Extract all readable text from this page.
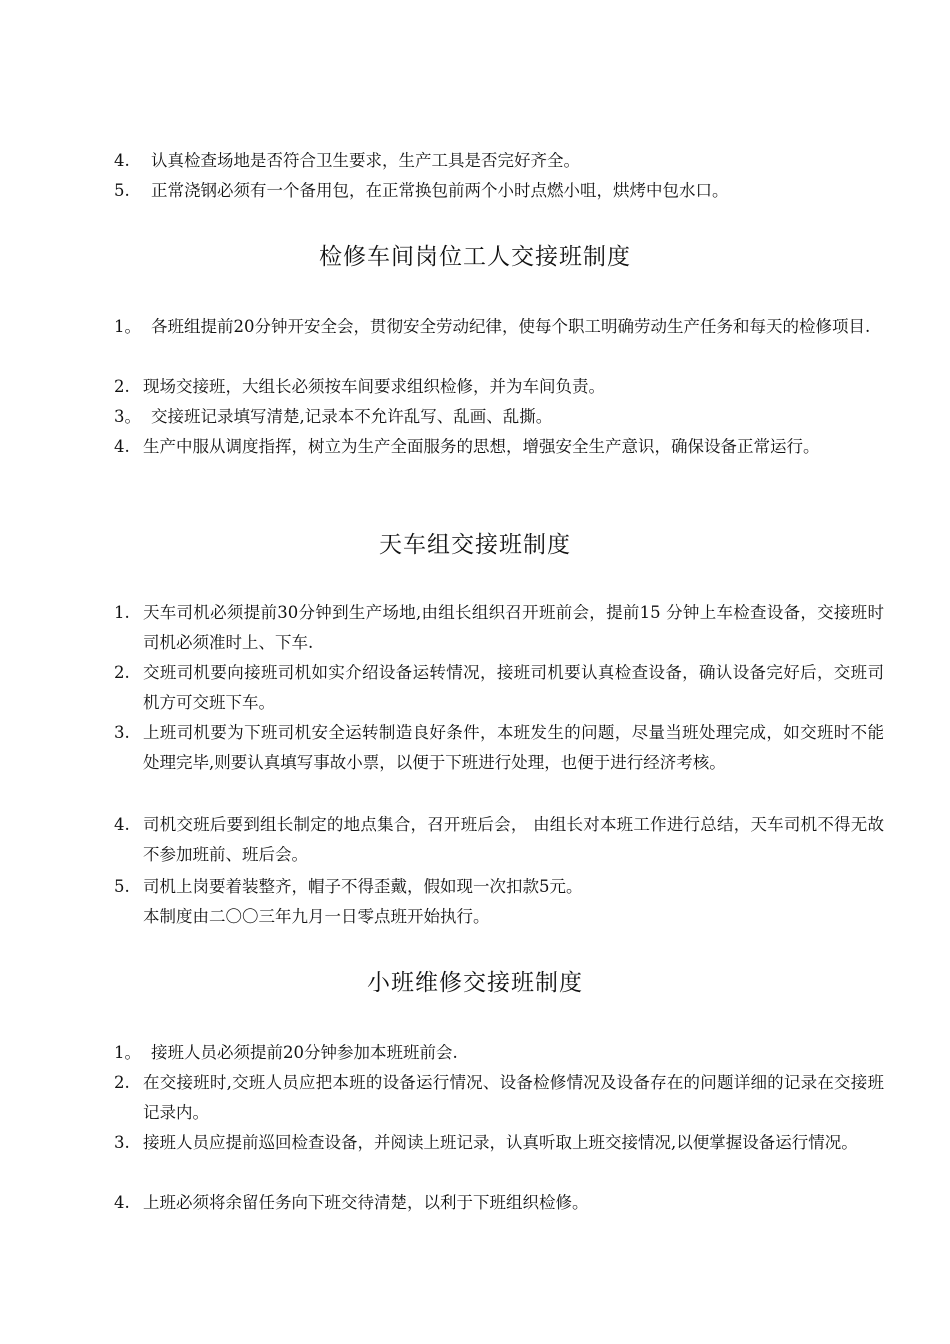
4.	认真检查场地是否符合卫生要求，生产工具是否完好齐全。
5.	正常浇钢必须有一个备用包，在正常换包前两个小时点燃小咀，烘烤中包水口。
检修车间岗位工人交接班制度
1。 各班组提前20分钟开安全会，贯彻安全劳动纪律，使每个职工明确劳动生产任务和每天的检修项目.
2. 现场交接班，大组长必须按车间要求组织检修，并为车间负责。
3。 交接班记录填写清楚,记录本不允许乱写、乱画、乱撕。
4. 生产中服从调度指挥，树立为生产全面服务的思想，增强安全生产意识，确保设备正常运行。
天车组交接班制度
1. 天车司机必须提前30分钟到生产场地,由组长组织召开班前会，提前15 分钟上车检查设备，交接班时司机必须准时上、下车.
2. 交班司机要向接班司机如实介绍设备运转情况，接班司机要认真检查设备，确认设备完好后，交班司机方可交班下车。
3. 上班司机要为下班司机安全运转制造良好条件，本班发生的问题，尽量当班处理完成，如交班时不能处理完毕,则要认真填写事故小票，以便于下班进行处理，也便于进行经济考核。
4. 司机交班后要到组长制定的地点集合，召开班后会， 由组长对本班工作进行总结，天车司机不得无故不参加班前、班后会。
5. 司机上岗要着装整齐，帽子不得歪戴，假如现一次扣款5元。
本制度由二〇〇三年九月一日零点班开始执行。
小班维修交接班制度
1。 接班人员必须提前20分钟参加本班班前会.
2. 在交接班时,交班人员应把本班的设备运行情况、设备检修情况及设备存在的问题详细的记录在交接班记录内。
3. 接班人员应提前巡回检查设备，并阅读上班记录，认真听取上班交接情况,以便掌握设备运行情况。
4. 上班必须将余留任务向下班交待清楚，以利于下班组织检修。
